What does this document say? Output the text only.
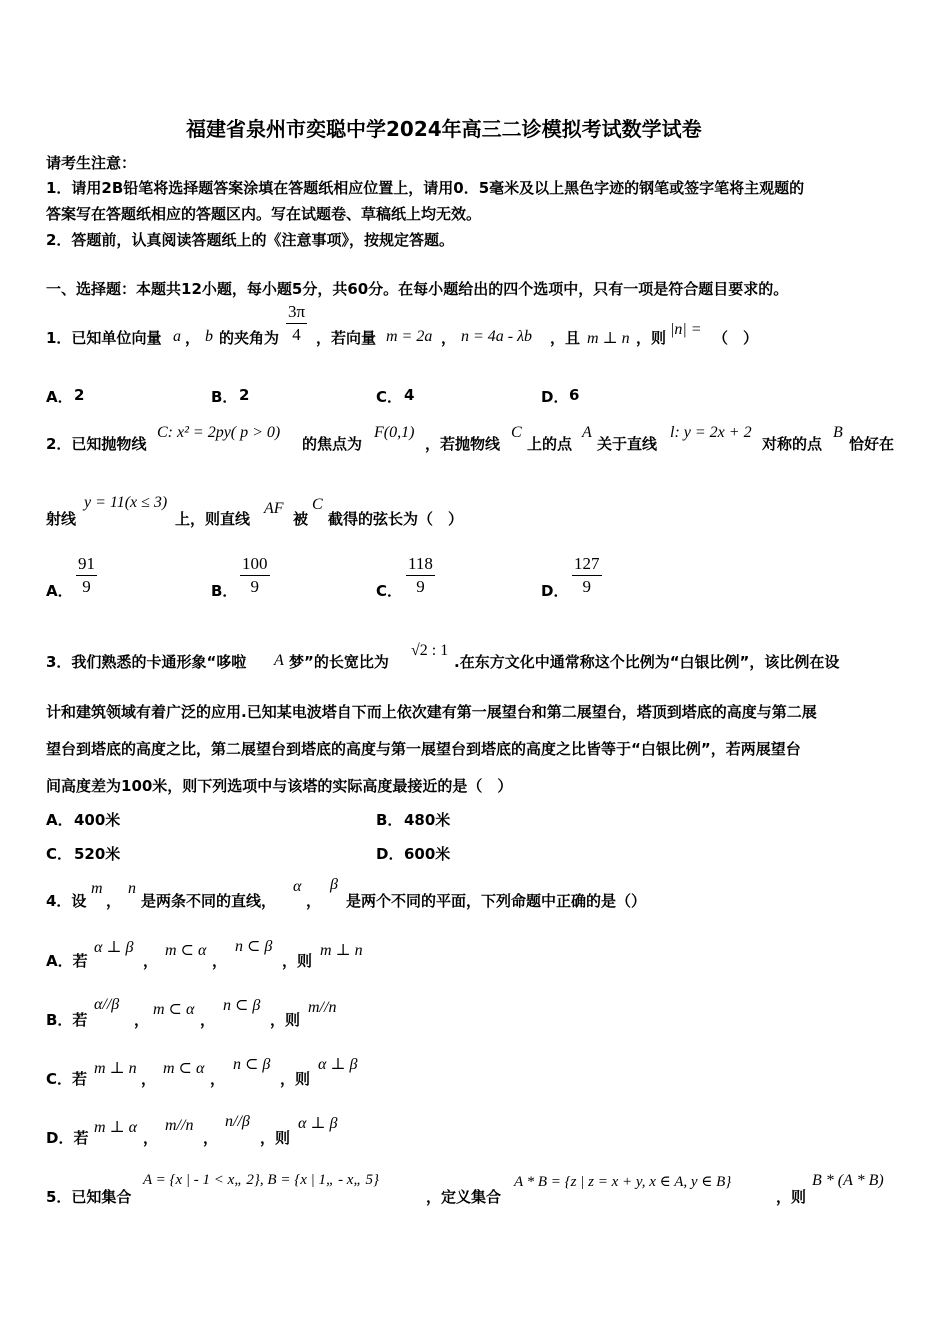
福建省泉州市奕聪中学2024年高三二诊模拟考试数学试卷
请考生注意：
1．请用2B铅笔将选择题答案涂填在答题纸相应位置上，请用0．5毫米及以上黑色字迹的钢笔或签字笔将主观题的
答案写在答题纸相应的答题区内。写在试题卷、草稿纸上均无效。
2．答题前，认真阅读答题纸上的《注意事项》，按规定答题。
一、选择题：本题共12小题，每小题5分，共60分。在每小题给出的四个选项中，只有一项是符合题目要求的。
1．已知单位向量 a ， b 的夹角为 $\frac{3\pi}{4}$ ，若向量 m = 2a ， n = 4a - λb ，且 m ⊥ n ，则 |n| = （　）
A． 2	B． 2	C． 4	D． 6
2．已知抛物线
C: x² = 2py( p > 0)
的焦点为
F(0,1)
，若抛物线
C
上的点
A
关于直线
l: y = 2x + 2
对称的点
B
恰好在
射线
y = 11(x ≤ 3)
上，则直线
AF
被
C
截得的弦长为（　）
A． $\frac{91}{9}$	B． $\frac{100}{9}$	C． $\frac{118}{9}$	D． $\frac{127}{9}$
3．我们熟悉的卡通形象“哆啦 A 梦”的长宽比为
√2 : 1
.在东方文化中通常称这个比例为“白银比例”，该比例在设
计和建筑领域有着广泛的应用.已知某电波塔自下而上依次建有第一展望台和第二展望台，塔顶到塔底的高度与第二展
望台到塔底的高度之比，第二展望台到塔底的高度与第一展望台到塔底的高度之比皆等于“白银比例”，若两展望台
间高度差为100米，则下列选项中与该塔的实际高度最接近的是（　）
A． 400米	B． 480米
C． 520米	D． 600米
4．设
m
，
n
是两条不同的直线，
α
，
β
是两个不同的平面，下列命题中正确的是（）
A．若
α ⊥ β
，
m ⊂ α
，
n ⊂ β
，则
m ⊥ n
B．若
α//β
，
m ⊂ α
，
n ⊂ β
，则
m//n
C．若
m ⊥ n
，
m ⊂ α
，
n ⊂ β
，则
α ⊥ β
D．若
m ⊥ α
，
m//n
，
n//β
，则
α ⊥ β
5．已知集合
A = {x | - 1 < x„ 2}, B = {x | 1„ - x„ 5}
，定义集合
A * B = {z | z = x + y, x ∈ A, y ∈ B}
，则
B * (A * B)
